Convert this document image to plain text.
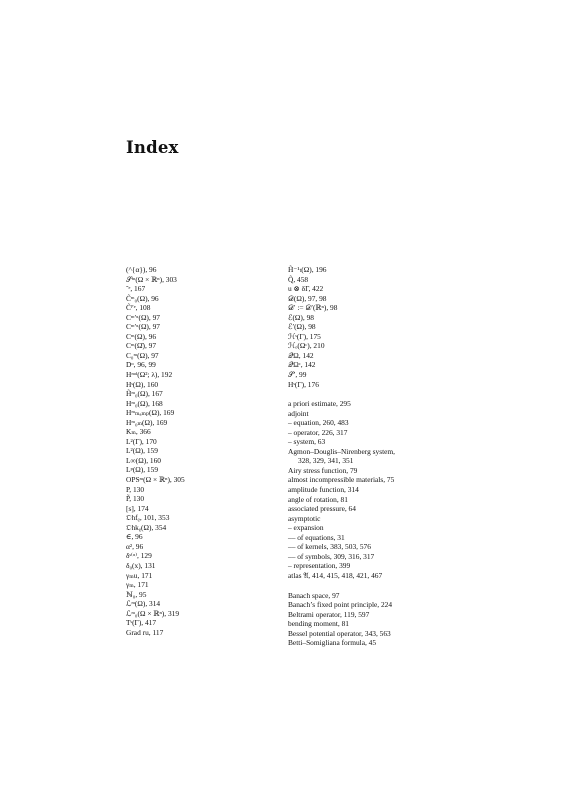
Index
(^{α}), 96
𝒮ᵐ(Ω × ℝⁿ), 303
˜ᵉ, 167
C̃ᵐ₀(Ω), 96
C̃ˡ′ᵉ, 108
Cᵐ′ᵅ(Ω), 97
Cᵐ′ᵅ(Ω), 97
Cᵐ(Ω), 96
Cᵐ(Ω̄), 97
C₀ᵐ(Ω), 97
Dᵅ, 96, 99
Hᵐᵈ(Ω²; λ), 192
Hˢ(Ω), 160
H̃ᵐ₀(Ω), 167
Hᵐ₀(Ω), 168
Hᵐₘₐₘₚ(Ω), 169
Hᵐ₀ₘ(Ω), 169
Kₘ, 366
L²(Γ), 170
L²(Ω), 159
L∞(Ω), 160
Lᵖ(Ω), 159
OPSᵐ(Ω × ℝⁿ), 305
P, 130
P̃, 130
[s], 174
𝔒hfᵨ, 101, 353
𝔒hkᵨ(Ω), 354
∈, 96
α², 96
δˢ⁽ᵅ⁾, 129
δ₀(x), 131
γₘu, 171
γₘ, 171
ℕ₀, 95
ℒᵐ(Ω), 314
ℒᵐ₀(Ω × ℝⁿ), 319
Tˢ(Γ), 417
Grad ru, 117
H̃⁻¹ₜ(Ω), 196
Q̃, 458
u ⊗ δΓ, 422
𝒟(Ω), 97, 98
𝒟′ := 𝒟′(ℝⁿ), 98
ℰ(Ω), 98
ℰ′(Ω), 98
ℋˢ(Γ), 175
ℋₒ(Ωᶜ), 210
𝒬Ω, 142
𝒬Ωᶜ, 142
𝒮′, 99
Hˢ(Γ), 176
a priori estimate, 295
adjoint
– equation, 260, 483
– operator, 226, 317
– system, 63
Agmon–Douglis–Nirenberg system,
328, 329, 341, 351
Airy stress function, 79
almost incompressible materials, 75
amplitude function, 314
angle of rotation, 81
associated pressure, 64
asymptotic
– expansion
–– of equations, 31
–– of kernels, 383, 503, 576
–– of symbols, 309, 316, 317
– representation, 399
atlas 𝔄, 414, 415, 418, 421, 467
Banach space, 97
Banach’s fixed point principle, 224
Beltrami operator, 119, 597
bending moment, 81
Bessel potential operator, 343, 563
Betti–Somigliana formula, 45
